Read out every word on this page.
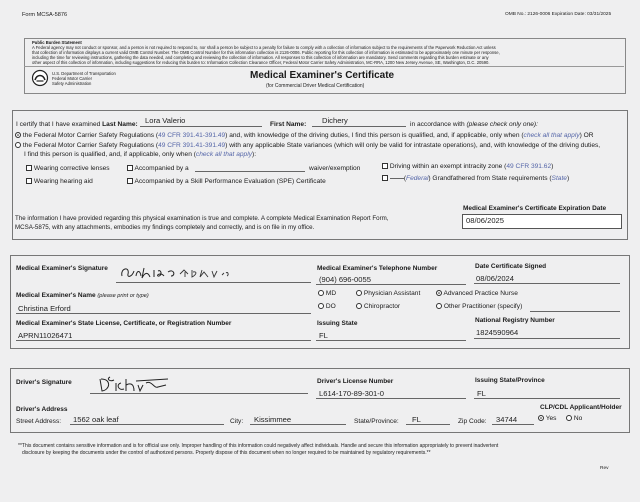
Form MCSA-5876	OMB No.: 2126-0006 Expiration Date: 03/31/2025
Public Burden Statement
A Federal agency may not conduct or sponsor, and a person is not required to respond to, nor shall a person be subject to a penalty for failure to comply with a collection of information subject to the requirements of the Paperwork Reduction Act unless
that collection of information displays a current valid OMB Control Number. The OMB Control Number for this information collection is 2126-0006. Public reporting for this collection of information is estimated to be approximately one minute per response,
including the time for reviewing instructions, gathering the data needed, and completing and reviewing the collection of information. All responses to this collection of information are mandatory. Send comments regarding this burden estimate or any
other aspect of this collection of information, including suggestions for reducing this burden to: Information Collection Clearance Officer, Federal Motor Carrier Safety Administration, MC-RRA, 1200 New Jersey Avenue, SE, Washington, D.C. 20590.
U.S. Department of Transportation
Federal Motor Carrier
Safety Administration
Medical Examiner's Certificate
(for Commercial Driver Medical Certification)
I certify that I have examined Last Name: Lora Valerio	First Name: Dichery	in accordance with (please check only one):
the Federal Motor Carrier Safety Regulations (49 CFR 391.41-391.49) and, with knowledge of the driving duties, I find this person is qualified, and, if applicable, only when (check all that apply) OR
the Federal Motor Carrier Safety Regulations (49 CFR 391.41-391.49) with any applicable State variances (which will only be valid for intrastate operations), and, with knowledge of the driving duties,
I find this person is qualified, and, if applicable, only when (check all that apply):
Wearing corrective lenses
Wearing hearing aid
Accompanied by a	waiver/exemption
Accompanied by a Skill Performance Evaluation (SPE) Certificate
Driving within an exempt intracity zone (49 CFR 391.62)
(Federal) Grandfathered from State requirements (State)
The information I have provided regarding this physical examination is true and complete. A complete Medical Examination Report Form,
MCSA-5875, with any attachments, embodies my findings completely and correctly, and is on file in my office.
Medical Examiner's Certificate Expiration Date
08/06/2025
Medical Examiner's Signature	Medical Examiner's Telephone Number
(904) 696-0055
Date Certificate Signed
08/06/2024
Medical Examiner's Name (please print or type)
Christina Erford
MD	Physician Assistant	Advanced Practice Nurse
DO	Chiropractor	Other Practitioner (specify)
Medical Examiner's State License, Certificate, or Registration Number
APRN11026471
Issuing State
FL
National Registry Number
1824590964
Driver's Signature	Driver's License Number
L614-170-89-301-0
Issuing State/Province
FL
Driver's Address
Street Address: 1562 oak leaf	City: Kissimmee	State/Province: FL	Zip Code: 34744
CLP/CDL Applicant/Holder
Yes	No
**This document contains sensitive information and is for official use only. Improper handling of this information could negatively affect individuals. Handle and secure this information appropriately to prevent inadvertent
disclosure by keeping the documents under the control of authorized persons. Properly dispose of this document when no longer required to be maintained by regulatory requirements.**
Rev
